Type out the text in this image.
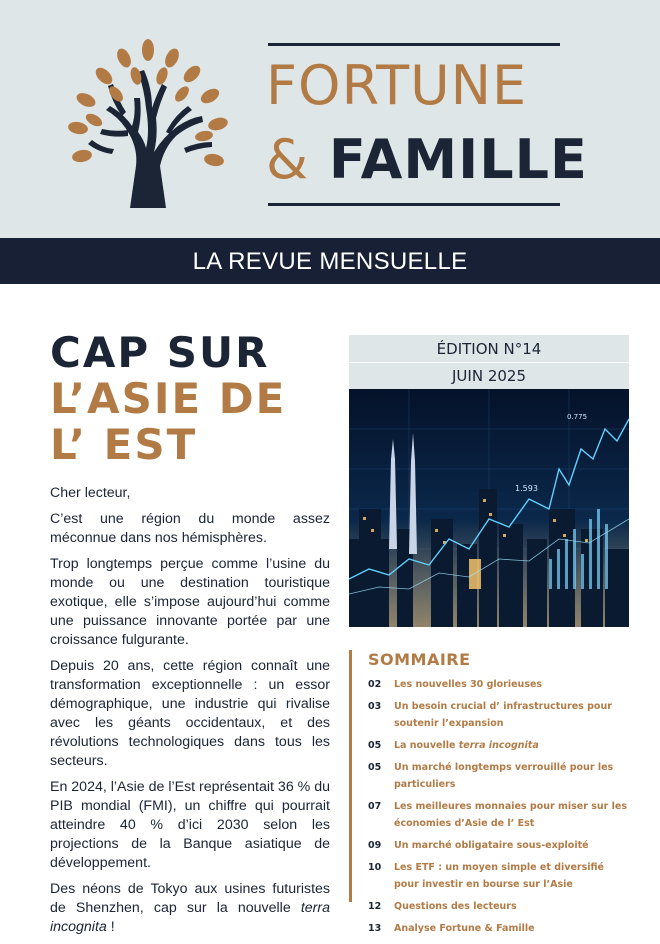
FORTUNE
& FAMILLE
LA REVUE MENSUELLE
CAP SUR
L’ASIE DE
L’ EST

Cher lecteur,

C’est une région du monde assez méconnue dans nos hémisphères.

Trop longtemps perçue comme l’usine du monde ou une destination touristique exotique, elle s’impose aujourd’hui comme une puissance innovante portée par une croissance fulgurante.

Depuis 20 ans, cette région connaît une transformation exceptionnelle : un essor démographique, une industrie qui rivalise avec les géants occidentaux, et des révolutions technologiques dans tous les secteurs.

En 2024, l’Asie de l’Est représentait 36 % du PIB mondial (FMI), un chiffre qui pourrait atteindre 40 % d’ici 2030 selon les projections de la Banque asiatique de développement.

Des néons de Tokyo aux usines futuristes de Shenzhen, cap sur la nouvelle terra incognita !

ÉDITION N°14
JUIN 2025
0.775
1.593
SOMMAIRE
02	Les nouvelles 30 glorieuses
03	Un besoin crucial d’ infrastructures pour soutenir l’expansion
05	La nouvelle terra incognita
05	Un marché longtemps verrouillé pour les particuliers
07	Les meilleures monnaies pour miser sur les économies d’Asie de l’ Est
09	Un marché obligataire sous-exploité
10	Les ETF : un moyen simple et diversifié pour investir en bourse sur l’Asie
12	Questions des lecteurs
13	Analyse Fortune & Famille
